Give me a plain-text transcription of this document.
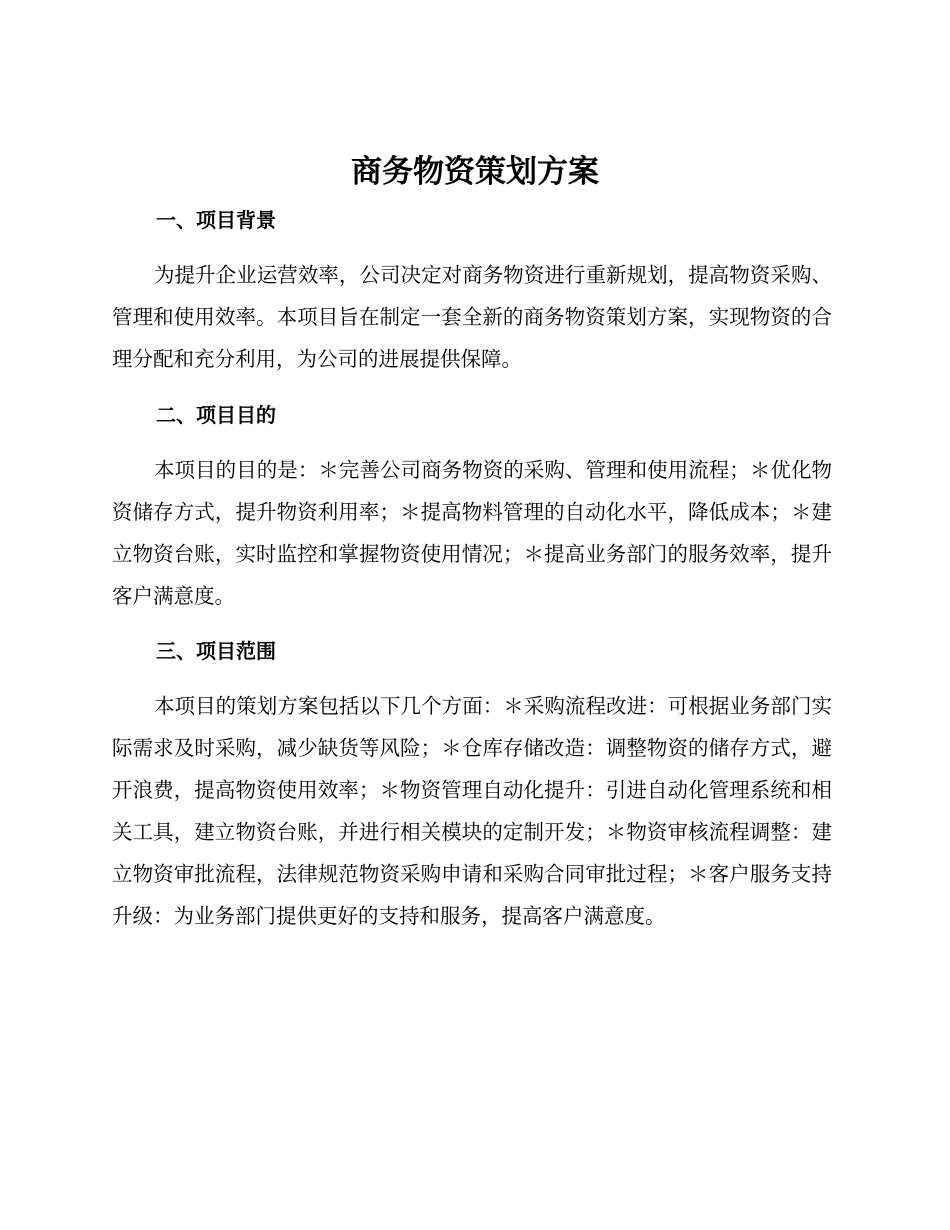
商务物资策划方案
一、项目背景

为提升企业运营效率，公司决定对商务物资进行重新规划，提高物资采购、管理和使用效率。本项目旨在制定一套全新的商务物资策划方案，实现物资的合理分配和充分利用，为公司的进展提供保障。

二、项目目的

本项目的目的是：＊完善公司商务物资的采购、管理和使用流程；＊优化物资储存方式，提升物资利用率；＊提高物料管理的自动化水平，降低成本；＊建立物资台账，实时监控和掌握物资使用情况；＊提高业务部门的服务效率，提升客户满意度。

三、项目范围

本项目的策划方案包括以下几个方面：＊采购流程改进：可根据业务部门实际需求及时采购，减少缺货等风险；＊仓库存储改造：调整物资的储存方式，避开浪费，提高物资使用效率；＊物资管理自动化提升：引进自动化管理系统和相关工具，建立物资台账，并进行相关模块的定制开发；＊物资审核流程调整：建立物资审批流程，法律规范物资采购申请和采购合同审批过程；＊客户服务支持升级：为业务部门提供更好的支持和服务，提高客户满意度。
